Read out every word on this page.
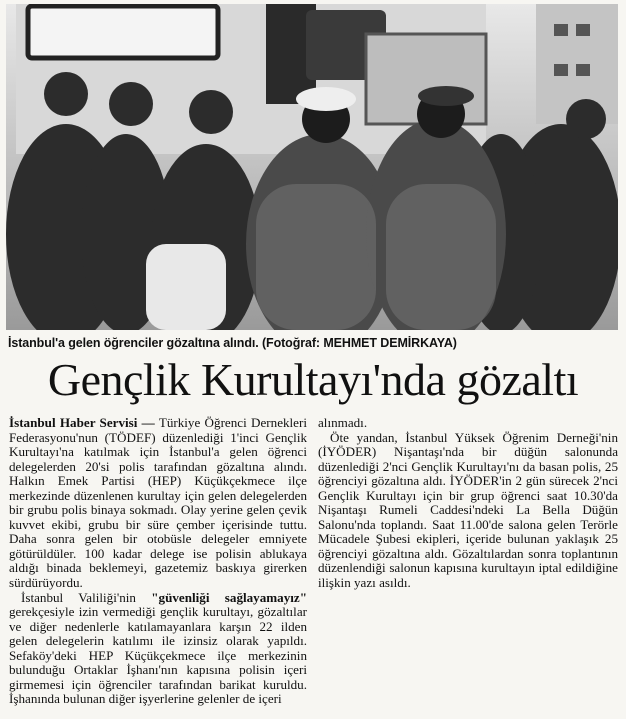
İstanbul'a gelen öğrenciler gözaltına alındı. (Fotoğraf: MEHMET DEMİRKAYA)
Gençlik Kurultayı'nda gözaltı

İstanbul Haber Servisi — Türkiye Öğrenci Dernekleri Federasyonu'nun (TÖDEF) düzenlediği 1'inci Gençlik Kurultayı'na katılmak için İstanbul'a gelen öğrenci delegelerden 20'si polis tarafından gözaltına alındı. Halkın Emek Partisi (HEP) Küçükçekmece ilçe merkezinde düzenlenen kurultay için gelen delegelerden bir grubu polis binaya sokmadı. Olay yerine gelen çevik kuvvet ekibi, grubu bir süre çember içerisinde tuttu. Daha sonra gelen bir otobüsle delegeler emniyete götürüldüler. 100 kadar delege ise polisin ablukaya aldığı binada beklemeyi, gazetemiz baskıya girerken sürdürüyordu.

İstanbul Valiliği'nin "güvenliği sağlayamayız" gerekçesiyle izin vermediği gençlik kurultayı, gözaltılar ve diğer nedenlerle katılamayanlara karşın 22 ilden gelen delegelerin katılımı ile izinsiz olarak yapıldı. Sefaköy'deki HEP Küçükçekmece ilçe merkezinin bulunduğu Ortaklar İşhanı'nın kapısına polisin içeri girmemesi için öğrenciler tarafından barikat kuruldu. İşhanında bulunan diğer işyerlerine gelenler de içeri

alınmadı.

Öte yandan, İstanbul Yüksek Öğrenim Derneği'nin (İYÖDER) Nişantaşı'nda bir düğün salonunda düzenlediği 2'nci Gençlik Kurultayı'nı da basan polis, 25 öğrenciyi gözaltına aldı. İYÖDER'in 2 gün sürecek 2'nci Gençlik Kurultayı için bir grup öğrenci saat 10.30'da Nişantaşı Rumeli Caddesi'ndeki La Bella Düğün Salonu'nda toplandı. Saat 11.00'de salona gelen Terörle Mücadele Şubesi ekipleri, içeride bulunan yaklaşık 25 öğrenciyi gözaltına aldı. Gözaltılardan sonra toplantının düzenlendiği salonun kapısına kurultayın iptal edildiğine ilişkin yazı asıldı.
